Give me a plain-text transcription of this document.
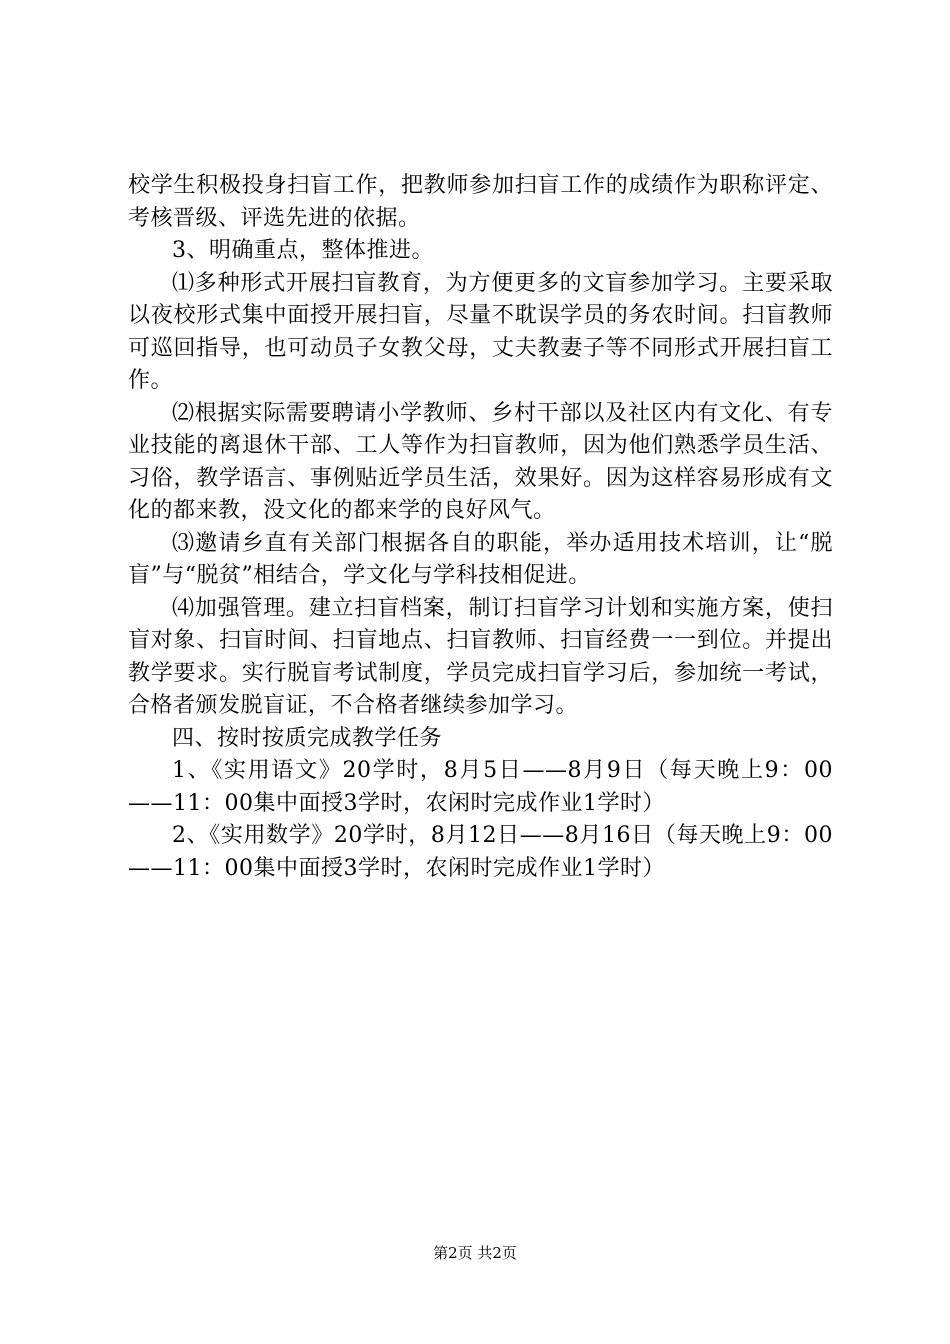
校学生积极投身扫盲工作，把教师参加扫盲工作的成绩作为职称评定、考核晋级、评选先进的依据。

3、明确重点，整体推进。

⑴多种形式开展扫盲教育，为方便更多的文盲参加学习。主要采取以夜校形式集中面授开展扫盲，尽量不耽误学员的务农时间。扫盲教师可巡回指导，也可动员子女教父母，丈夫教妻子等不同形式开展扫盲工作。

⑵根据实际需要聘请小学教师、乡村干部以及社区内有文化、有专业技能的离退休干部、工人等作为扫盲教师，因为他们熟悉学员生活、习俗，教学语言、事例贴近学员生活，效果好。因为这样容易形成有文化的都来教，没文化的都来学的良好风气。

⑶邀请乡直有关部门根据各自的职能，举办适用技术培训，让“脱盲”与“脱贫”相结合，学文化与学科技相促进。

⑷加强管理。建立扫盲档案，制订扫盲学习计划和实施方案，使扫盲对象、扫盲时间、扫盲地点、扫盲教师、扫盲经费一一到位。并提出教学要求。实行脱盲考试制度，学员完成扫盲学习后，参加统一考试，合格者颁发脱盲证，不合格者继续参加学习。

四、按时按质完成教学任务

1、《实用语文》20学时，8月5日——8月9日（每天晚上9：00——11：00集中面授3学时，农闲时完成作业1学时）

2、《实用数学》20学时，8月12日——8月16日（每天晚上9：00——11：00集中面授3学时，农闲时完成作业1学时）

第2页 共2页
